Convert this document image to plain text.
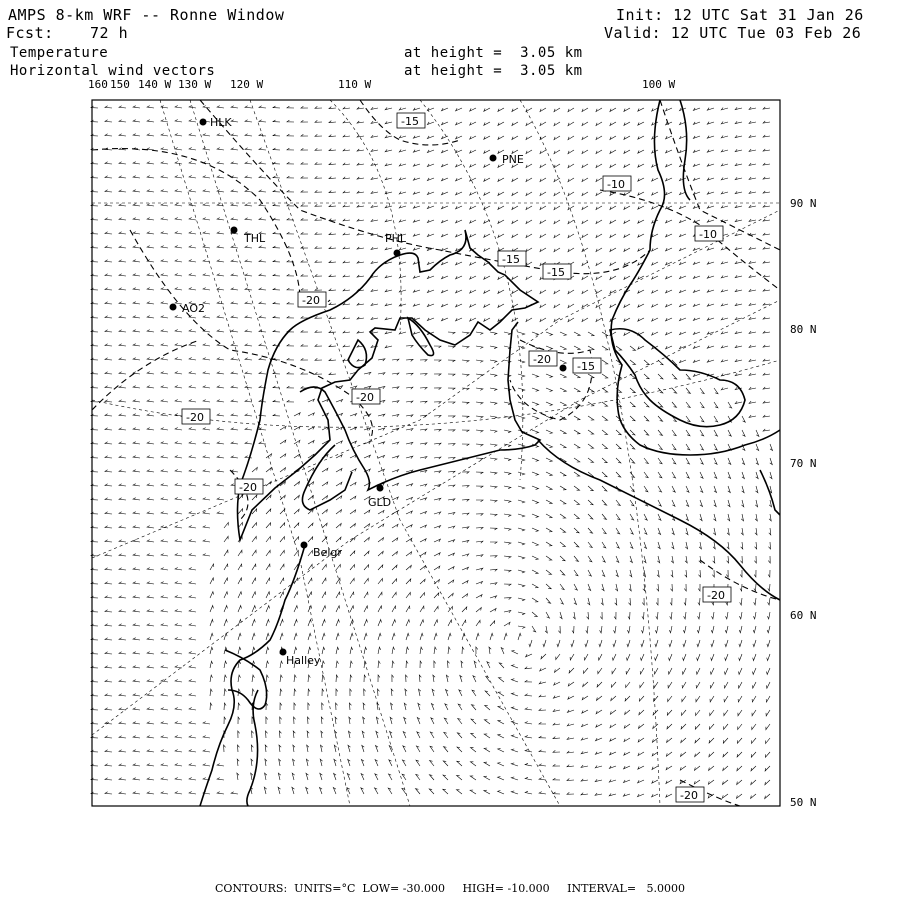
AMPS 8-km WRF -- Ronne Window	Init: 12 UTC Sat 31 Jan 26
Fcst: 72 h	Valid: 12 UTC Tue 03 Feb 26
Temperature	at height =  3.05 km
Horizontal wind vectors	at height =  3.05 km
160 150 140 W 130 W 120 W	110 W	100 W
90 N
80 N
70 N
60 N
50 N
HLK
PNE
THL	PHL
AO2
GLD
Belgr
Halley
-15
-10
-10
-15
-15
-20
-20
-20
-20
-20
-15
-20
-20
CONTOURS:  UNITS=°C  LOW= -30.000     HIGH= -10.000     INTERVAL=   5.0000
